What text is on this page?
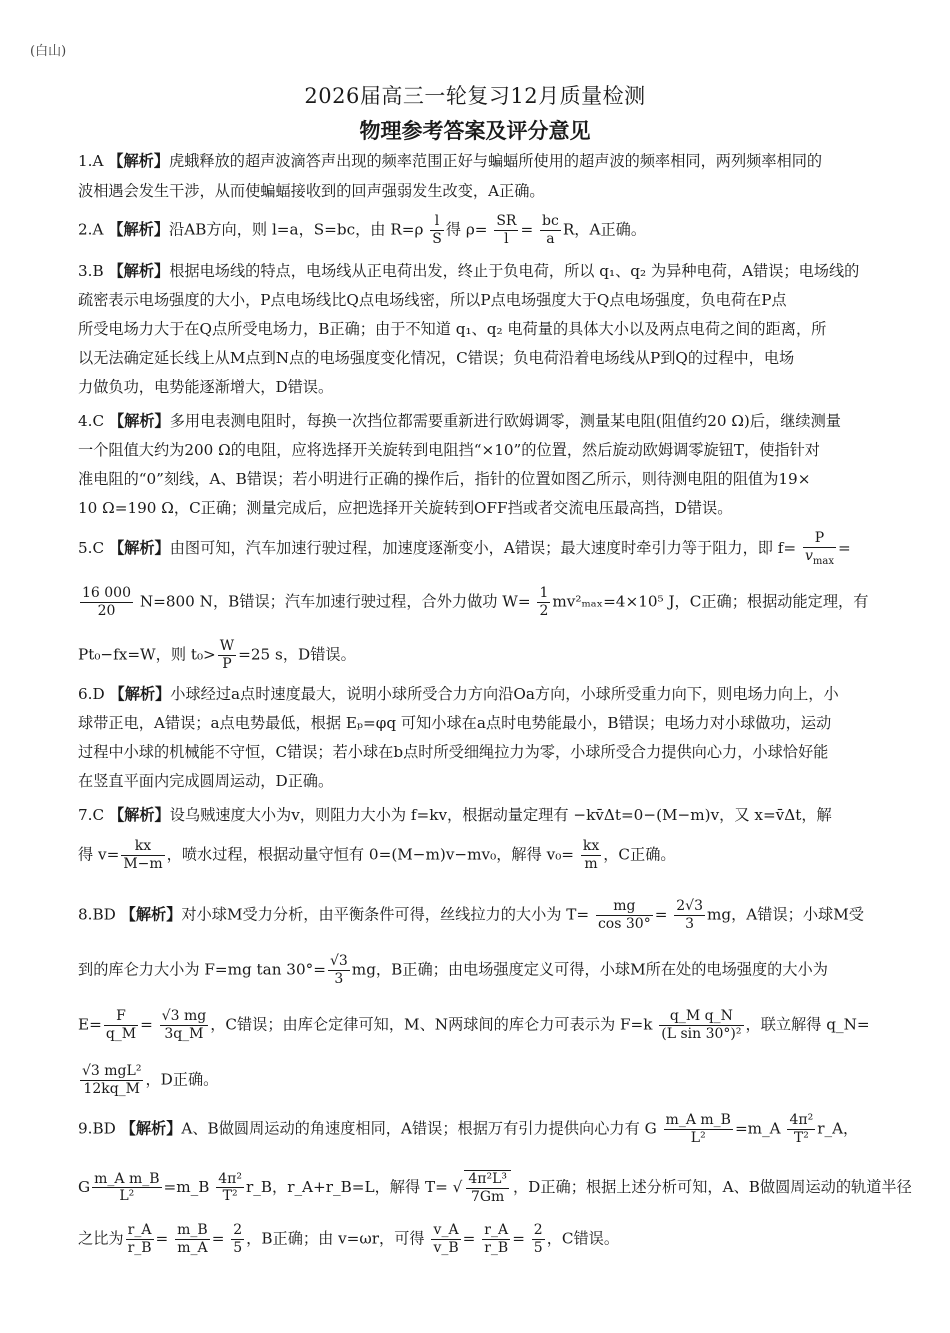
(白山)
2026届高三一轮复习12月质量检测
物理参考答案及评分意见
1.A 【解析】虎蛾释放的超声波滴答声出现的频率范围正好与蝙蝠所使用的超声波的频率相同，两列频率相同的
波相遇会发生干涉，从而使蝙蝠接收到的回声强弱发生改变，A正确。
2.A 【解析】沿AB方向，则 l=a，S=bc，由 $R=\rho \frac{l}{S}$ 得 $\rho= \frac{SR}{l} = \frac{bc}{a}$ R，A正确。
3.B 【解析】根据电场线的特点，电场线从正电荷出发，终止于负电荷，所以 q₁、q₂ 为异种电荷，A错误；电场线的
疏密表示电场强度的大小，P点电场线比Q点电场线密，所以P点电场强度大于Q点电场强度，负电荷在P点
所受电场力大于在Q点所受电场力，B正确；由于不知道 q₁、q₂ 电荷量的具体大小以及两点电荷之间的距离，所
以无法确定延长线上从M点到N点的电场强度变化情况，C错误；负电荷沿着电场线从P到Q的过程中，电场
力做负功，电势能逐渐增大，D错误。
4.C 【解析】多用电表测电阻时，每换一次挡位都需要重新进行欧姆调零，测量某电阻(阻值约20 Ω)后，继续测量
一个阻值大约为200 Ω的电阻，应将选择开关旋转到电阻挡“×10”的位置，然后旋动欧姆调零旋钮T，使指针对
准电阻的“0”刻线，A、B错误；若小明进行正确的操作后，指针的位置如图乙所示，则待测电阻的阻值为19×
10 Ω=190 Ω，C正确；测量完成后，应把选择开关旋转到OFF挡或者交流电压最高挡，D错误。
5.C 【解析】由图可知，汽车加速行驶过程，加速度逐渐变小，A错误；最大速度时牵引力等于阻力，即 f=
P
$v_{max}$
=
$\frac{16 000}{20} N=800$ N，B错误；汽车加速行驶过程，合外力做功 $W= \frac{1}{2} mv^2_{max}=4\times 10^5$ J，C正确；根据动能定理，有
Pt₀−fx=W，则 $t_0> \frac{W}{P} =25$ s，D错误。
6.D 【解析】小球经过a点时速度最大，说明小球所受合力方向沿Oa方向，小球所受重力向下，则电场力向上，小
球带正电，A错误；a点电势最低，根据 Eₚ=φq 可知小球在a点时电势能最小，B错误；电场力对小球做功，运动
过程中小球的机械能不守恒，C错误；若小球在b点时所受细绳拉力为零，小球所受合力提供向心力，小球恰好能
在竖直平面内完成圆周运动，D正确。
7.C 【解析】设乌贼速度大小为v，则阻力大小为 f=kv，根据动量定理有 −kv̄Δt=0−(M−m)v，又 x=v̄Δt，解
得 $v= \frac{kx}{M-m}$ ，喷水过程，根据动量守恒有 0=(M−m)v−mv₀，解得 $v_0= \frac{kx}{m}$ ，C正确。
8.BD 【解析】对小球M受力分析，由平衡条件可得，丝线拉力的大小为 $T= \frac{mg}{\cos 30^\circ} = \frac{2√3}{3}$ mg，A错误；小球M受
到的库仑力大小为 F=mg $\tan 30^\circ= \frac{√3}{3}$ mg，B正确；由电场强度定义可得，小球M所在处的电场强度的大小为
$E= \frac{F}{q\_M} = \frac{√3 mg}{3q\_M}$ ，C错误；由库仑定律可知，M、N两球间的库仑力可表示为 $F=k \frac{\text{q\_M q\_N}}{\text{(L sin 30°)²}}$ ，联立解得 q_N=
√3 mgL²
12kq_M
，D正确。
9.BD 【解析】A、B做圆周运动的角速度相同，A错误；根据万有引力提供向心力有 G $\frac{\text{m\_A m\_B}}{\text{L²}}$ =m_A $\frac{\text{4π²}}{\text{T²}}$ r_A，
G $\frac{\text{m\_A m\_B}}{\text{L²}}$ =m_B $\frac{\text{4π²}}{\text{T²}}$ r_B，r_A+r_B=L，解得 T= √ $\frac{\text{4π²L³}}{7Gm}$ ，D正确；根据上述分析可知，A、B做圆周运动的轨道半径
之比为 $\frac{r\_A}{r\_B} = \frac{m\_B}{m\_A} = \frac{2}{5}$ ，B正确；由 v=ωr，可得 $\frac{v\_A}{v\_B} = \frac{r\_A}{r\_B} = \frac{2}{5}$ ，C错误。
